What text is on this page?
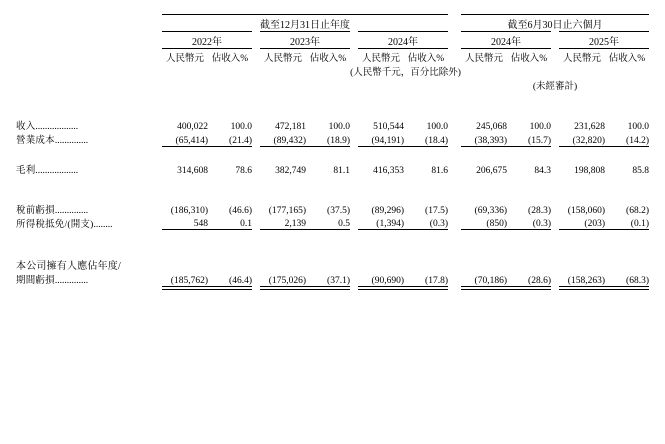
	截至12月31日止年度									截至6月30日止六個月				

	2022年			2023年			2024年			2024年			2025年	

	人民幣元	佔收入%		人民幣元	佔收入%		人民幣元	佔收入%		人民幣元	佔收入%		人民幣元	佔收入%
	(人民幣千元，百分比除外)													
										(未經審計)				

收入..................	400,022	100.0		472,181	100.0		510,544	100.0		245,068	100.0		231,628	100.0
營業成本..............	(65,414)	(21.4)		(89,432)	(18.9)		(94,191)	(18.4)		(38,393)	(15.7)		(32,820)	(14.2)

毛利..................	314,608	78.6		382,749	81.1		416,353	81.6		206,675	84.3		198,808	85.8

稅前虧損..............	(186,310)	(46.6)		(177,165)	(37.5)		(89,296)	(17.5)		(69,336)	(28.3)		(158,060)	(68.2)
所得稅抵免/(開支)........	548	0.1		2,139	0.5		(1,394)	(0.3)		(850)	(0.3)		(203)	(0.1)

本公司擁有人應佔年度/														
期間虧損..............	(185,762)	(46.4)		(175,026)	(37.1)		(90,690)	(17.8)		(70,186)	(28.6)		(158,263)	(68.3)
